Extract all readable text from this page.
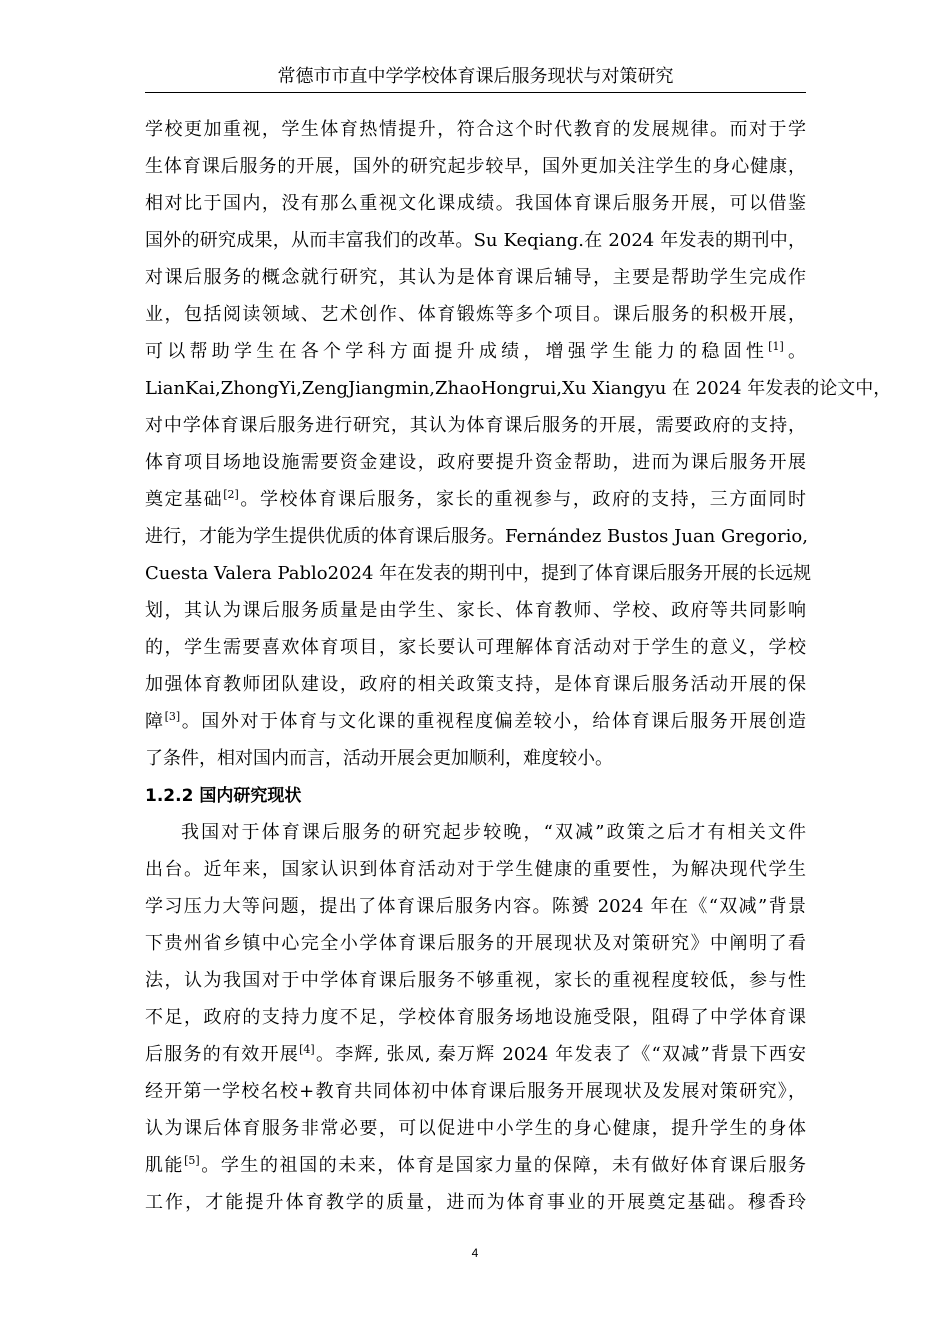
常德市市直中学学校体育课后服务现状与对策研究
学校更加重视，学生体育热情提升，符合这个时代教育的发展规律。而对于学
生体育课后服务的开展，国外的研究起步较早，国外更加关注学生的身心健康，
相对比于国内，没有那么重视文化课成绩。我国体育课后服务开展，可以借鉴
国外的研究成果，从而丰富我们的改革。Su Keqiang.在 2024 年发表的期刊中，
对课后服务的概念就行研究，其认为是体育课后辅导，主要是帮助学生完成作
业，包括阅读领域、艺术创作、体育锻炼等多个项目。课后服务的积极开展，
可以帮助学生在各个学科方面提升成绩，增强学生能力的稳固性[1]。
LianKai,ZhongYi,ZengJiangmin,ZhaoHongrui,Xu Xiangyu 在 2024 年发表的论文中，
对中学体育课后服务进行研究，其认为体育课后服务的开展，需要政府的支持，
体育项目场地设施需要资金建设，政府要提升资金帮助，进而为课后服务开展
奠定基础[2]。学校体育课后服务，家长的重视参与，政府的支持，三方面同时
进行，才能为学生提供优质的体育课后服务。Fernández Bustos Juan Gregorio,
Cuesta Valera Pablo2024 年在发表的期刊中，提到了体育课后服务开展的长远规
划，其认为课后服务质量是由学生、家长、体育教师、学校、政府等共同影响
的，学生需要喜欢体育项目，家长要认可理解体育活动对于学生的意义，学校
加强体育教师团队建设，政府的相关政策支持，是体育课后服务活动开展的保
障[3]。国外对于体育与文化课的重视程度偏差较小，给体育课后服务开展创造
了条件，相对国内而言，活动开展会更加顺利，难度较小。
1.2.2 国内研究现状
我国对于体育课后服务的研究起步较晚，“双减”政策之后才有相关文件
出台。近年来，国家认识到体育活动对于学生健康的重要性，为解决现代学生
学习压力大等问题，提出了体育课后服务内容。陈赟 2024 年在《“双减”背景
下贵州省乡镇中心完全小学体育课后服务的开展现状及对策研究》中阐明了看
法，认为我国对于中学体育课后服务不够重视，家长的重视程度较低，参与性
不足，政府的支持力度不足，学校体育服务场地设施受限，阻碍了中学体育课
后服务的有效开展[4]。李辉, 张凤, 秦万辉 2024 年发表了《“双减”背景下西安
经开第一学校名校+教育共同体初中体育课后服务开展现状及发展对策研究》，
认为课后体育服务非常必要，可以促进中小学生的身心健康，提升学生的身体
肌能[5]。学生的祖国的未来，体育是国家力量的保障，未有做好体育课后服务
工作，才能提升体育教学的质量，进而为体育事业的开展奠定基础。穆香玲
4
